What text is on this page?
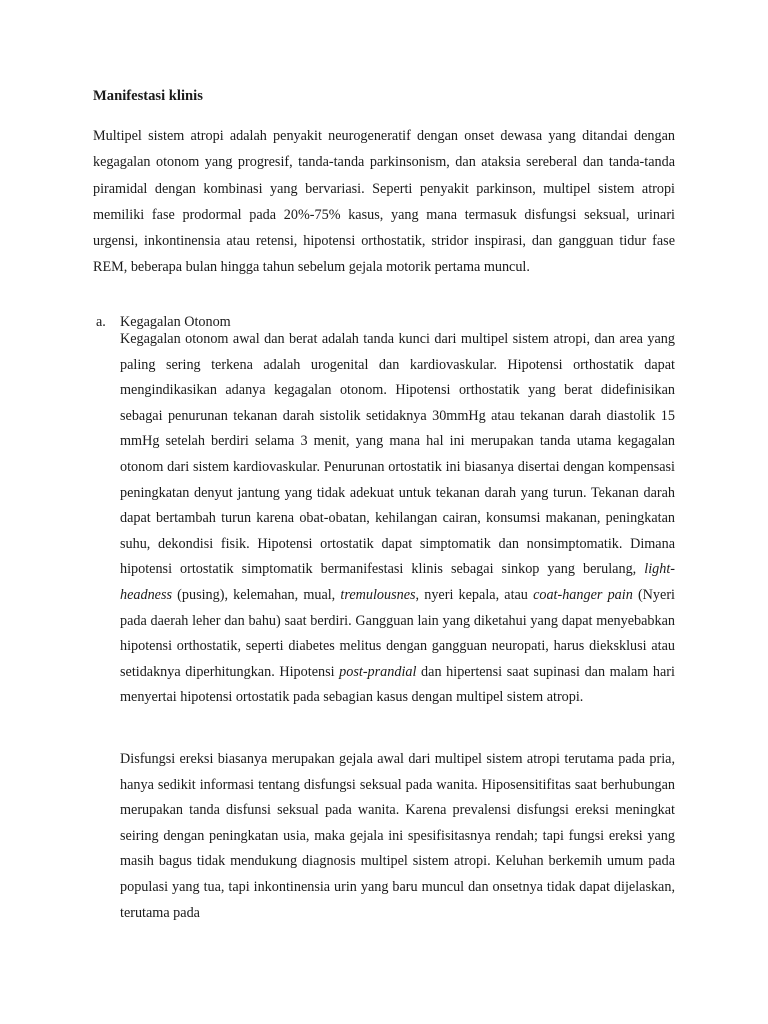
Manifestasi klinis

Multipel sistem atropi adalah penyakit neurogeneratif dengan onset dewasa yang ditandai dengan kegagalan otonom yang progresif, tanda-tanda parkinsonism, dan ataksia sereberal dan tanda-tanda piramidal dengan kombinasi yang bervariasi. Seperti penyakit parkinson, multipel sistem atropi memiliki fase prodormal pada 20%-75% kasus, yang mana termasuk disfungsi seksual, urinari urgensi, inkontinensia atau retensi, hipotensi orthostatik, stridor inspirasi, dan gangguan tidur fase REM, beberapa bulan hingga tahun sebelum gejala motorik pertama muncul.

a. Kegagalan Otonom

Kegagalan otonom awal dan berat adalah tanda kunci dari multipel sistem atropi, dan area yang paling sering terkena adalah urogenital dan kardiovaskular. Hipotensi orthostatik dapat mengindikasikan adanya kegagalan otonom. Hipotensi orthostatik yang berat didefinisikan sebagai penurunan tekanan darah sistolik setidaknya 30mmHg atau tekanan darah diastolik 15 mmHg setelah berdiri selama 3 menit, yang mana hal ini merupakan tanda utama kegagalan otonom dari sistem kardiovaskular. Penurunan ortostatik ini biasanya disertai dengan kompensasi peningkatan denyut jantung yang tidak adekuat untuk tekanan darah yang turun. Tekanan darah dapat bertambah turun karena obat-obatan, kehilangan cairan, konsumsi makanan, peningkatan suhu, dekondisi fisik. Hipotensi ortostatik dapat simptomatik dan nonsimptomatik. Dimana hipotensi ortostatik simptomatik bermanifestasi klinis sebagai sinkop yang berulang, light-headness (pusing), kelemahan, mual, tremulousnes, nyeri kepala, atau coat-hanger pain (Nyeri pada daerah leher dan bahu) saat berdiri. Gangguan lain yang diketahui yang dapat menyebabkan hipotensi orthostatik, seperti diabetes melitus dengan gangguan neuropati, harus dieksklusi atau setidaknya diperhitungkan. Hipotensi post-prandial dan hipertensi saat supinasi dan malam hari menyertai hipotensi ortostatik pada sebagian kasus dengan multipel sistem atropi.

Disfungsi ereksi biasanya merupakan gejala awal dari multipel sistem atropi terutama pada pria, hanya sedikit informasi tentang disfungsi seksual pada wanita. Hiposensitifitas saat berhubungan merupakan tanda disfunsi seksual pada wanita. Karena prevalensi disfungsi ereksi meningkat seiring dengan peningkatan usia, maka gejala ini spesifisitasnya rendah; tapi fungsi ereksi yang masih bagus tidak mendukung diagnosis multipel sistem atropi. Keluhan berkemih umum pada populasi yang tua, tapi inkontinensia urin yang baru muncul dan onsetnya tidak dapat dijelaskan, terutama pada
